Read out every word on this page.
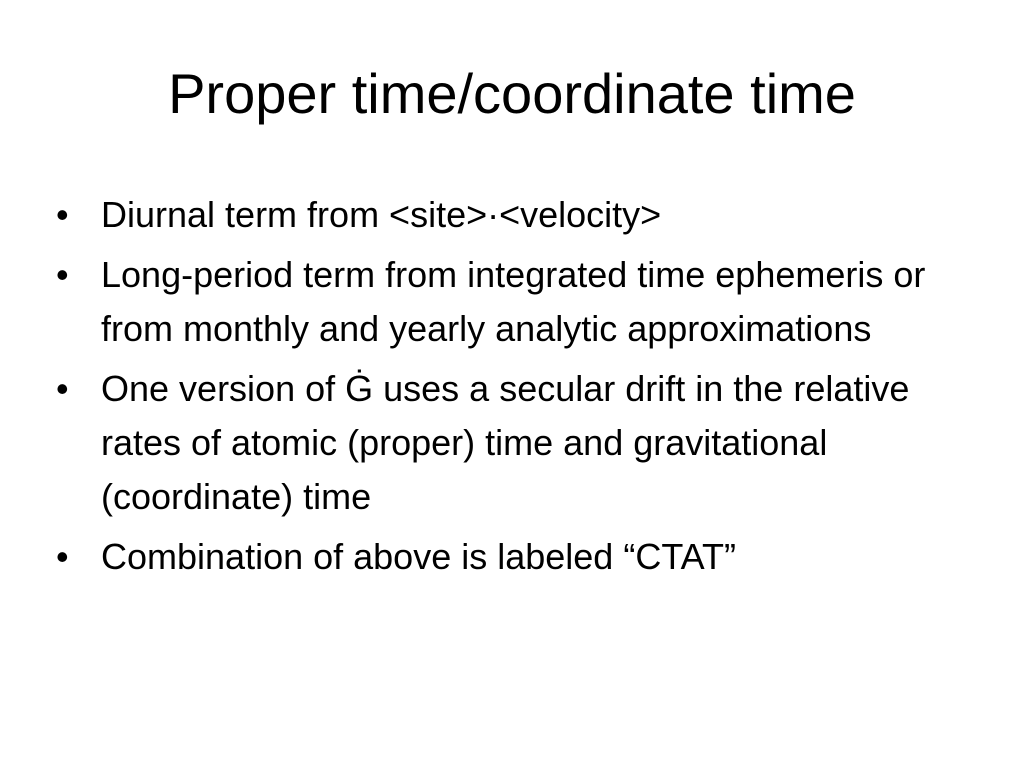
Proper time/coordinate time
• Diurnal term from <site>·<velocity>
• Long-period term from integrated time ephemeris or from monthly and yearly analytic approximations
• One version of Ġ uses a secular drift in the relative rates of atomic (proper) time and gravitational (coordinate) time
• Combination of above is labeled “CTAT”
